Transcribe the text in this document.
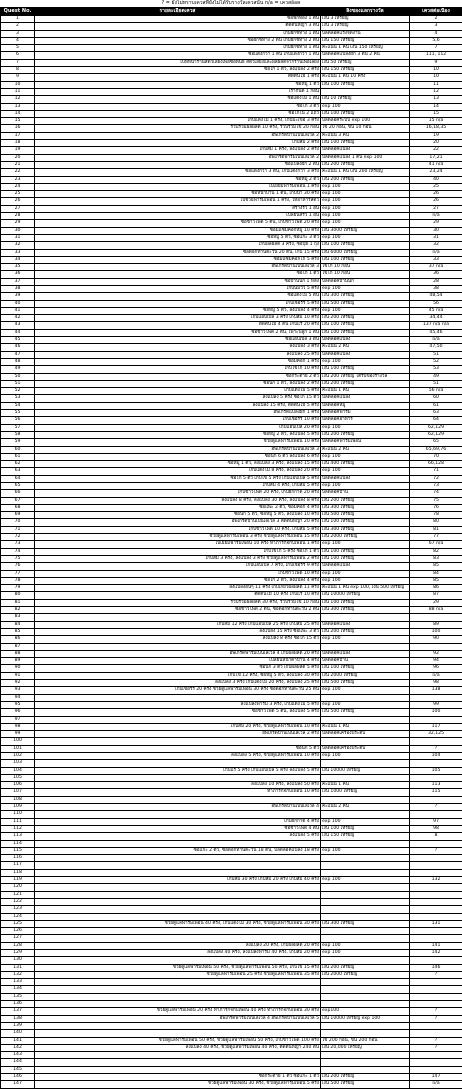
? = ยังไม่ทราบเควสที่ยังไม่ได้รับรางวัลเควสนั้น n/a = เควสล็อค
Quest No.	รายละเอียดเควส	สิ่งของแลกรางวัล	เควสต่อเนื่อง
1	ซื้อฟักทอง 1 ต้น	เงิน 3 เหรียญ	2
2	ตัดต้นหญ้า 3 ต้น	เงิน 3 เหรียญ	3
3	เก็บผักชีทาง 1 ต้น	ปลดล็อคแรงจัดงาน	4
4	ซื้อผักชีทาง 2 ต้น เก็บผักชีทาง 2 ต้น	เงิน 150 เหรียญ	5,6
5	เก็บผักชีทาง 1 ต้น	คะแนน 1 คน เงิน 150 เหรียญ	7
6	ซื้อแตงกวา 1 ต้น เก็บแตงกวา 1 ต้น	ปลดล็อคแปลงผัก 3 ต้น 2 คน	111, 112
7	ไปที่หน้าร้านสัตว์เลี้ยงเพื่อซื้อพันธ์ สัตว์เลี้ยงและผลผลิตจากร้านเพื่อเลี้ยง	เงิน 50 เหรียญ	9
8	ซื้อไก่ 1 ตัว, ลงแปลง 2 ครั้ง	เงิน 150 เหรียญ	10
9	ตัดต้นไม้ 1 ครั้ง	คะแนน 1 คน 10 ครั้ง	10
10	ซื้อหมู 1 ตัว	เงิน 100 เหรียญ	11
11	เรากันต์ 1 ก่อน		12
12	ซื้อแตงโม 1 ต้น	เงิน 10 เหรียญ	13
13	ซื้อไก่ 3 ตัว	exp 100	14
14	ซื้อไก่ไน 2 แถว	เงิน 100 เหรียญ	15
15	เก็บแตงโม 1 ครั้ง, เก็บมะเขือ 3 ครั้ง	ปลดล็อคระบบ exp 100	15 n/a
16	รวบรวมผลผลิต 10 ครั้ง, รวบรวมไข่ 20 ก่อน	ไข่ 20 ก่อน, ขน 10 ก่อน	16,18,35
17	อัพเกรดบ้านเป็นเลเวล 2	คะแนน 3 คน	19
18	เก็บส้ม 2 ครั้ง	เงิน 100 เหรียญ	20
19	เก็บส้ม 1 ครั้ง, ลงแปลง 2 ครั้ง	ปลดล็อคแปลง	22
20	อัพเกรดฟาร์มเป็นเลเวล 2	ปลดล็อคแปลง 1 ต้น exp 100	17,21
21	ซื้อแปลงผัก 2 ต้น	เงิน 200 เหรียญ	41 n/a
22	ซื้อแตงกวา 3 ต้น, เก็บแตงกวา 3 ครั้ง	คะแนน 1 คน เงิน 200 เหรียญ	23,24
23	ซื้อหมู 2 ตัว	เงิน 200 เหรียญ	40
24	ไปเยี่ยมฟาร์มเพื่อน 1 ครั้ง	exp 100	25
25	ซื้อหน้าบาน 1 ต้น, เก็บน้ำ 30 ครั้ง	exp 100	26
26	ไปช่วยฟาร์มเพื่อน 1 ครั้ง, ให้อาหารสัตว์	exp 100	26
27	สร้างรั้ว 1 อัน	exp 100	27
28	เปลี่ยนสีรั้ว 1 อัน	exp 100	n/a
29	ซื้อข้าวโพด 5 ต้น, เก็บข้าวโพด 20 ครั้ง	exp 100	29
30	ซ่อมแซมคอกหมู 10 ครั้ง	เงิน 3000 เหรียญ	30
31	ซื้อหมู 5 ตัว, ซื้อแกะ 3 ตัว	exp 100	31
32	เก็บผลผลิต 3 ครั้ง, ซื้อปุ๋ย 1 ถุง	เงิน 100 เหรียญ	32
33	ซื้อดอกทานตะวัน 20 ต้น, เก็บ 15 ครั้ง	เงิน 6000 เหรียญ	n/a
34	ซ่อมแซมคอกไก่ 5 ครั้ง	เงิน 100 เหรียญ	33
35	อัพเกรดบ้านเป็นเลเวล 3	ไข่ไก่ 10 ก่อน	37 n/a
36	ซื้อไก่ 1 ตัว	ไข่ไก่ 10 ก่อน	36
37	ซื้อบ้านนก 1 หลัง	ปลดล็อคบ้านนก	28
38	เก็บนมวัว 5 ครั้ง	exp 100	38
39	ซื้อแตงโม 5 ต้น	เงิน 300 เหรียญ	48,54
40	เก็บเชอร์รี่ 5 ครั้ง	เงิน 500 เหรียญ	56
41	ซื้อหมู 5 ตัว, ลงแปลง 4 ครั้ง	exp 100	45 n/a
42	เก็บแอปเปิ้ล 3 ครั้ง เก็บส้ม 10 ครั้ง	เงิน 200 เหรียญ	34,44
43	ตัดต้นไม้ 4 ต้น เก็บแร่ 20 ครั้ง	เงิน 100 เหรียญ	137 n/a n/a
44	ซื้อข้าวโพด 2 ต้น, เพาะปลูก 1 ต้น	เงิน 100 เหรียญ	45,46
45	ซื้อแอปเปิ้ล 3 ต้น	ปลดล็อคแปลง	n/a
46	ลงแปลง 3 ครั้ง	คะแนน 2 คน	47,50
47	ลงแปลง 25 ครั้ง	ปลดล็อคแปลง	51
48	ซ่อมคอก 1 ครั้ง	exp 100	52
49	เก็บไข่ไก่ 10 ครั้ง	เงิน 100 เหรียญ	53
50	ซื้อกระต่าย 2 ตัว	เงิน 200 เหรียญ ได้รับของรางวัล	49
51	ซื้อนก 1 ตัว, ลงแปลง 2 ครั้ง	เงิน 200 เหรียญ	51
52	เก็บแตงโม 5 ครั้ง	คะแนน 1 คน	56 n/a
53	ลงแปลง 5 ครั้ง ซื้อไก่ 15 ตัว	ปลดล็อคแปลง	60
54	ลงแปลง 15 ครั้ง, ตัดต้นไม้ 5 ครั้ง	ปลดล็อคหมู	61
55	อัพเกรดแปลงผัก 1 ครั้ง	ปลดล็อคฟาร์ม	63
56	เก็บเชอร์รี่ 10 ครั้ง	ปลดล็อคอาหาร	64
57	เก็บแอปเปิ้ล 20 ครั้ง	exp 100	62,129
58	ซื้อหมู 2 ตัว, ลงแปลง 5 ครั้ง	เงิน 200 เหรียญ	62,129
59	ช่วยดูแลฟาร์มเพื่อน 10 ครั้ง	ปลดล็อคฟาร์มเพื่อน	65
60	อัพเกรดบ้านเป็นเลเวล 3	คะแนน 2 คน	65,69,76
61	ซื้อนก 6 ตัว ลงแปลง 6 ครั้ง	exp 100	70
62	ซื้อหมู 1 ตัว, ลงแปลง 3 ครั้ง, ลงแปลง 15 ครั้ง	เงิน 400 เหรียญ	66,128
63	เก็บแตงโม 8 ครั้ง, ลงแปลง 20 ครั้ง	exp 100	71
64	ซื้อไก่ 5 ตัว เก็บไข่ 5 ครั้ง เก็บแอปเปิ้ล 5 ครั้ง	ปลดล็อคแปลง	72
65	เก็บส้ม 4 ครั้ง, เก็บส้ม 5 ครั้ง	exp 100	73
66	เก็บข้าวโพด 20 ครั้ง, เก็บผักกาด 20 ครั้ง	ปลดล็อคบ้าน	74
67	ลงแปลง 8 ครั้ง, ลงแปลง 30 ครั้ง, ลงแปลง 8 ครั้ง	เงิน 200 เหรียญ	75
68	ซื้อแพะ 2 ตัว, ซ่อมคอก 4 ครั้ง	เงิน 300 เหรียญ	76
69	ซื้อนก 5 ตัว, ซื้อหมู 5 ตัว, ลงแปลง 10 ครั้ง	เงิน 500 เหรียญ	78
70	อัพเกรดบ้านเป็นเลเวล 3 ตัดต้นหญ้า 20 ครั้ง	เงิน 100 เหรียญ	80
71	เก็บข้าวโพด 10 ครั้ง, เก็บส้ม 5 ครั้ง	เงิน 300 เหรียญ	81
72	ช่วยดูแลฟาร์มเพื่อน 3 ครั้ง ช่วยดูแลฟาร์มเพื่อน 15 ครั้ง	เงิน 2000 เหรียญ	77
73	ไปเยี่ยมฟาร์มเพื่อน 10 ครั้ง ทำภารกิจกับเพื่อน 1 ครั้ง	exp 100	67 n/a
74	เก็บไข่ไก่ 5 ครั้ง ซื้อไก่ 1 ตัว	เงิน 100 เหรียญ	82
75	เก็บส้ม 3 ครั้ง, ลงแปลง 3 ครั้ง ช่วยดูแลฟาร์มเพื่อน 2 ครั้ง	เงิน 100 เหรียญ	83
76	เก็บแอปเปิ้ล 7 ครั้ง, เก็บเชอร์รี่ 9 ครั้ง	ปลดล็อคแปลง	85
77	เก็บข้าวโพด 10 ครั้ง	exp 100	84
78	ซื้อไก่ 2 ตัว, ลงแปลง 4 ครั้ง	exp 100	85
79	ลงแปลงอื่นๆ 11 ครั้ง เก็บเกี่ยวผลผลิต 11 ครั้ง	คะแนน 1 คน exp 100, เงิน 500 เหรียญ	86
80	ตัดต้นไม้ 10 ครั้ง เก็บแร่ 10 ครั้ง	เงิน 10000 เหรียญ	87
81	รวบรวมผลผลิต 30 ครั้ง, รวบรวมไข่ 10 ก่อน	เงิน 100 เหรียญ	29
82	ซื้อข้าวโพด 2 ต้น, ซื้อดอกทานตะวัน 2 ต้น	เงิน 300 เหรียญ	88 n/a
83			
84	เก็บส้ม 12 ครั้ง เก็บแอปเปิ้ล 25 ครั้ง เก็บส้ม 25 ครั้ง	ปลดล็อคแปลง	89
85	ลงแปลง 15 ครั้ง ซื้อแพะ 3 ตัว	เงิน 200 เหรียญ	100
86	ลงแปลง 8 ครั้ง ซื้อไก่ 15 ตัว	exp 100	90
87			
88	อัพเกรดฟาร์มเป็นเลเวล 4 เก็บผลผลิต 20 ครั้ง	ปลดล็อคแปลง	92
89	เปลี่ยนหน้าตาบ้าน 4 ครั้ง	ปลดล็อคบ้าน	94
90	ซื้อนก 3 ตัว เก็บผลผลิต 5 ครั้ง	เงิน 100 เหรียญ	96
91	เก็บไข่ 12 ครั้ง, ซื้อหมู 5 ตัว, ลงแปลง 30 ครั้ง	เงิน 2000 เหรียญ	n/a
92	ลงแปลง 3 ครั้ง เก็บแตงโม 20 ครั้ง, ลงแปลง 25 ครั้ง	เงิน 500 เหรียญ	98
93	เก็บเชอร์รี่ 20 ครั้ง ช่วยดูแลฟาร์มเพื่อน 30 ครั้ง ซื้อดอกทานตะวัน 25 ต้น	exp 100	138
94			
95	ลงแปลงฟาร์ม 3 ครั้ง, เก็บแตงโม 5 ครั้ง	exp 100	99
96	ซื้อข้าวโพด 5 ต้น, ลงแปลง 5 ครั้ง	เงิน 500 เหรียญ	100
97			
98	เก็บส้ม 20 ครั้ง, ช่วยดูแลฟาร์มเพื่อน 10 ครั้ง	คะแนน 1 คน	117
99	อัพเกรดบ้านเป็นเลเวล 2 ครั้ง	ปลดล็อคเครื่องประดับ	32,125
100			
101	ซื้อนก 5 ตัว	ปลดล็อคเครื่องประดับ	?
102	ลงแปลง 5 ครั้ง, ช่วยดูแลฟาร์มเพื่อน 10 ครั้ง	exp 100	104
103			
104	เก็บแร่ 5 ครั้ง เก็บแอปเปิ้ล 5 ครั้ง ลงแปลง 5 ครั้ง	เงิน 10000 เหรียญ	105
105			
106	ลงแปลง 10 ครั้ง, ลงแปลง 50 ครั้ง	คะแนน 1 คน	113
107	ทำภารกิจกับเพื่อน 10 ครั้ง	เงิน 1000 เหรียญ	115
108			
109	อัพเกรดบ้านเป็นเลเวล 4	คะแนน 2 คน	?
110			
111	เก็บผักกาด 4 ครั้ง	exp 100	97
112	ซื้อข้าวโพด 4 ต้น	เงิน 100 เหรียญ	98
113	ลงแปลง 5 ครั้ง	เงิน 150 เหรียญ	8
114			
115	ซื้อแกะ 2 ตัว, ซื้อดอกทานตะวัน 18 ต้น, ปลดล็อคแปลง 18 ครั้ง	exp 100	?
116			
117			
118			
119	เก็บส้ม 30 ครั้ง เก็บส้ม 20 ครั้ง เก็บส้ม 40 ครั้ง	exp 100	132
120			
121			
122			
123			
124			
125	ช่วยดูแลฟาร์มเพื่อน 40 ครั้ง, เก็บแตงโม 30 ครั้ง, ช่วยดูแลฟาร์มเพื่อน 30 ครั้ง	เงิน 300 เหรียญ	131
126			
127			
128	ลงแปลง 20 ครั้ง, เก็บผลผลิต 20 ครั้ง	exp 100	141
129	ลงแปลง 40 ครั้ง, ลงแปลงฟาร์ม 40 ครั้ง, เก็บส้ม 20 ครั้ง	exp 100	142
130			
131	ช่วยดูแลฟาร์มเพื่อน 50 ครั้ง, ช่วยดูแลฟาร์มเพื่อน 50 ครั้ง, เก็บไข่ 15 ครั้ง	เงิน 200 เหรียญ	146
132	ช่วยดูแลฟาร์มเพื่อน 25 ครั้ง ช่วยดูแลฟาร์มเพื่อน 35 ครั้ง	เงิน 2000 เหรียญ	?
133			
134			
135			
136			
137	ช่วยดูแลฟาร์มเพื่อน 20 ครั้ง ทำภารกิจกับเพื่อน 40 ครั้ง ทำภารกิจกับเพื่อน 30 ครั้ง	exp100	?
138	อัพเกรดฟาร์มเป็นเลเวล 4 อัพเกรดบ้านเป็นเลเวล 5	เงิน 10000 เหรียญ exp 100	?
139			
140			
141	ช่วยดูแลฟาร์มเพื่อน 50 ครั้ง, ช่วยดูแลฟาร์มเพื่อน 50 ครั้ง, เก็บข้าวโพด 100 ครั้ง	ไข่ 200 ก่อน, ขน 200 ก่อน	?
142	ลงแปลง 40 ครั้ง, ช่วยดูแลฟาร์มเพื่อน 40 ครั้ง, ตัดต้นหญ้า 240 ต้น	เงิน 20,000 เหรียญ	?
143			
144			
145			
146	ซื้อกระต่าย 1 ตัว ซื้อแกะ 1 ตัว	เงิน 200 เหรียญ	147
147	ช่วยดูแลฟาร์มเพื่อน 30 ครั้ง, ช่วยดูแลฟาร์มเพื่อน 5 ครั้ง	เงิน 500 เหรียญ	n/a
